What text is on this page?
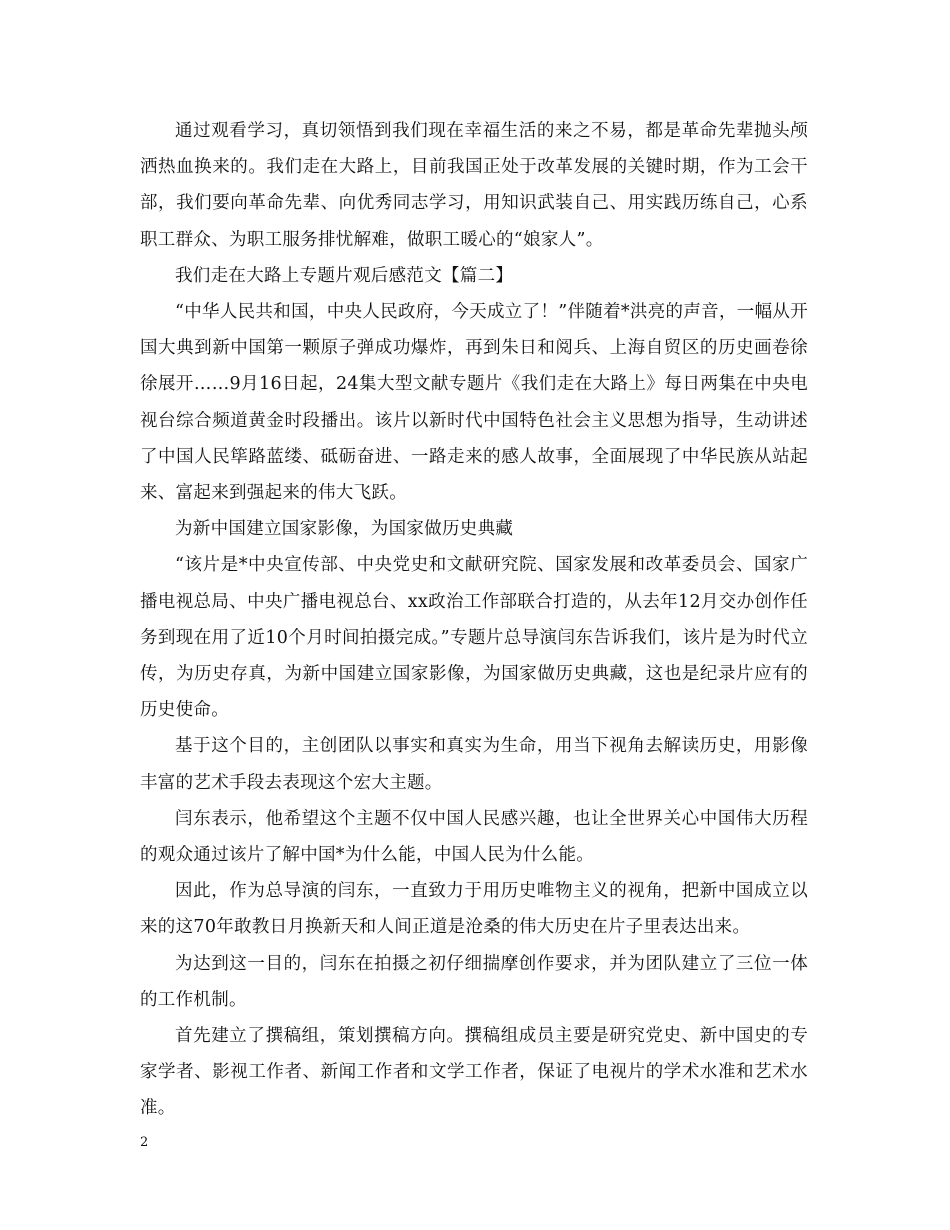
通过观看学习，真切领悟到我们现在幸福生活的来之不易，都是革命先辈抛头颅洒热血换来的。我们走在大路上，目前我国正处于改革发展的关键时期，作为工会干部，我们要向革命先辈、向优秀同志学习，用知识武装自己、用实践历练自己，心系职工群众、为职工服务排忧解难，做职工暖心的“娘家人”。

我们走在大路上专题片观后感范文【篇二】

“中华人民共和国，中央人民政府，今天成立了！”伴随着*洪亮的声音，一幅从开国大典到新中国第一颗原子弹成功爆炸，再到朱日和阅兵、上海自贸区的历史画卷徐徐展开……9月16日起，24集大型文献专题片《我们走在大路上》每日两集在中央电视台综合频道黄金时段播出。该片以新时代中国特色社会主义思想为指导，生动讲述了中国人民筚路蓝缕、砥砺奋进、一路走来的感人故事，全面展现了中华民族从站起来、富起来到强起来的伟大飞跃。

为新中国建立国家影像，为国家做历史典藏

“该片是*中央宣传部、中央党史和文献研究院、国家发展和改革委员会、国家广播电视总局、中央广播电视总台、xx政治工作部联合打造的，从去年12月交办创作任务到现在用了近10个月时间拍摄完成。”专题片总导演闫东告诉我们，该片是为时代立传，为历史存真，为新中国建立国家影像，为国家做历史典藏，这也是纪录片应有的历史使命。

基于这个目的，主创团队以事实和真实为生命，用当下视角去解读历史，用影像丰富的艺术手段去表现这个宏大主题。

闫东表示，他希望这个主题不仅中国人民感兴趣，也让全世界关心中国伟大历程的观众通过该片了解中国*为什么能，中国人民为什么能。

因此，作为总导演的闫东，一直致力于用历史唯物主义的视角，把新中国成立以来的这70年敢教日月换新天和人间正道是沧桑的伟大历史在片子里表达出来。

为达到这一目的，闫东在拍摄之初仔细揣摩创作要求，并为团队建立了三位一体的工作机制。

首先建立了撰稿组，策划撰稿方向。撰稿组成员主要是研究党史、新中国史的专家学者、影视工作者、新闻工作者和文学工作者，保证了电视片的学术水准和艺术水准。

2
